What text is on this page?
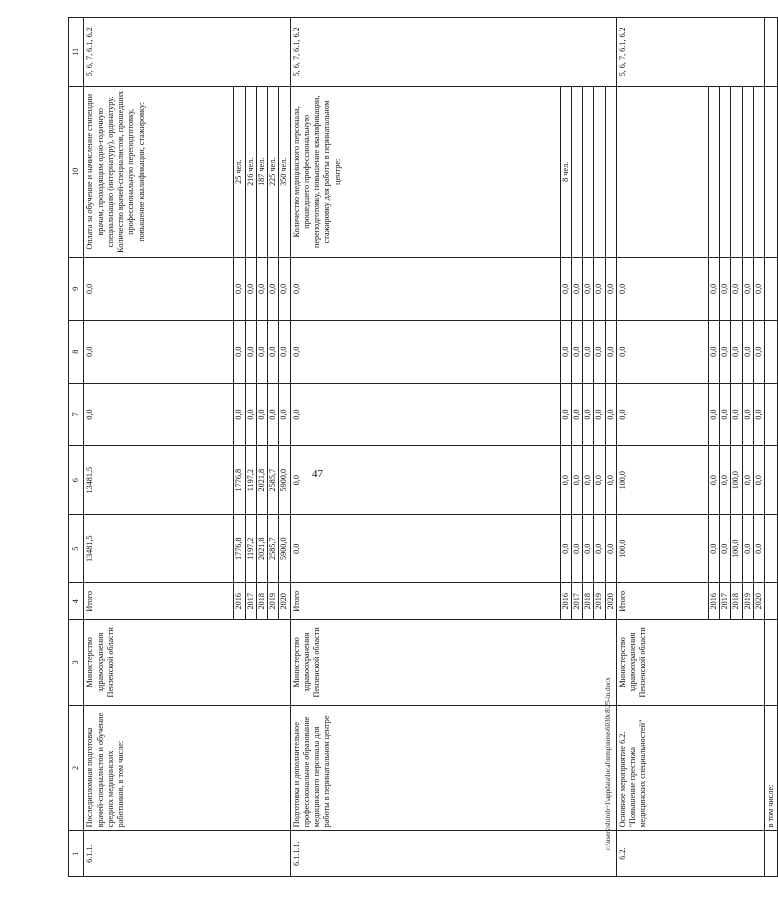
47
c:\users\sbirob~1\appdata\local\temp\notes6030c8\25-in.docx
1	2	3	4	5	6	7	8	9	10	11
6.1.1.	Последипломная подготовка врачей-специалистов и обучение средних медицинских работников, в том числе:	Министерство здравоохранения Пензенской области	Итого	13481,5	13481,5	0,0	0,0	0,0	Оплата за обучение и начисление стипендии врачам, проходящим одно-годичную специализацию (интернатуру), ординатуру. Количество врачей-специалистов, прошедших профессиональную переподготовку, повышение квалификации, стажировку:	5, 6, 7, 6.1, 6.2
			2016	1776,8	1776,8	0,0	0,0	0,0	25 чел.	
			2017	1197,2	1197,2	0,0	0,0	0,0	216 чел.	
			2018	2021,8	2021,8	0,0	0,0	0,0	187 чел.	
			2019	2585,7	2585,7	0,0	0,0	0,0	225 чел.	
			2020	5900,0	5900,0	0,0	0,0	0,0	350 чел.	
6.1.1.1.	Подготовка и дополнительное профессиональное образование медицинского персонала для работы в перинатальном центре	Министерство здравоохранения Пензенской области	Итого	0,0	0,0	0,0	0,0	0,0	Количество медицинского персонала, прошедшего профессиональную переподготовку, повышение квалификации, стажировку для работы в перинатальном центре:	5, 6, 7, 6.1, 6.2
			2016	0,0	0,0	0,0	0,0	0,0	8 чел.	
			2017	0,0	0,0	0,0	0,0	0,0		
			2018	0,0	0,0	0,0	0,0	0,0		
			2019	0,0	0,0	0,0	0,0	0,0		
			2020	0,0	0,0	0,0	0,0	0,0		
6.2.	Основное мероприятие 6.2. "Повышение престижа медицинских специальностей"	Министерство здравоохранения Пензенской области	Итого	100,0	100,0	0,0	0,0	0,0		5, 6, 7, 6.1, 6.2
			2016	0,0	0,0	0,0	0,0	0,0		
			2017	0,0	0,0	0,0	0,0	0,0		
			2018	100,0	100,0	0,0	0,0	0,0		
			2019	0,0	0,0	0,0	0,0	0,0		
			2020	0,0	0,0	0,0	0,0	0,0		
	в том числе:									
